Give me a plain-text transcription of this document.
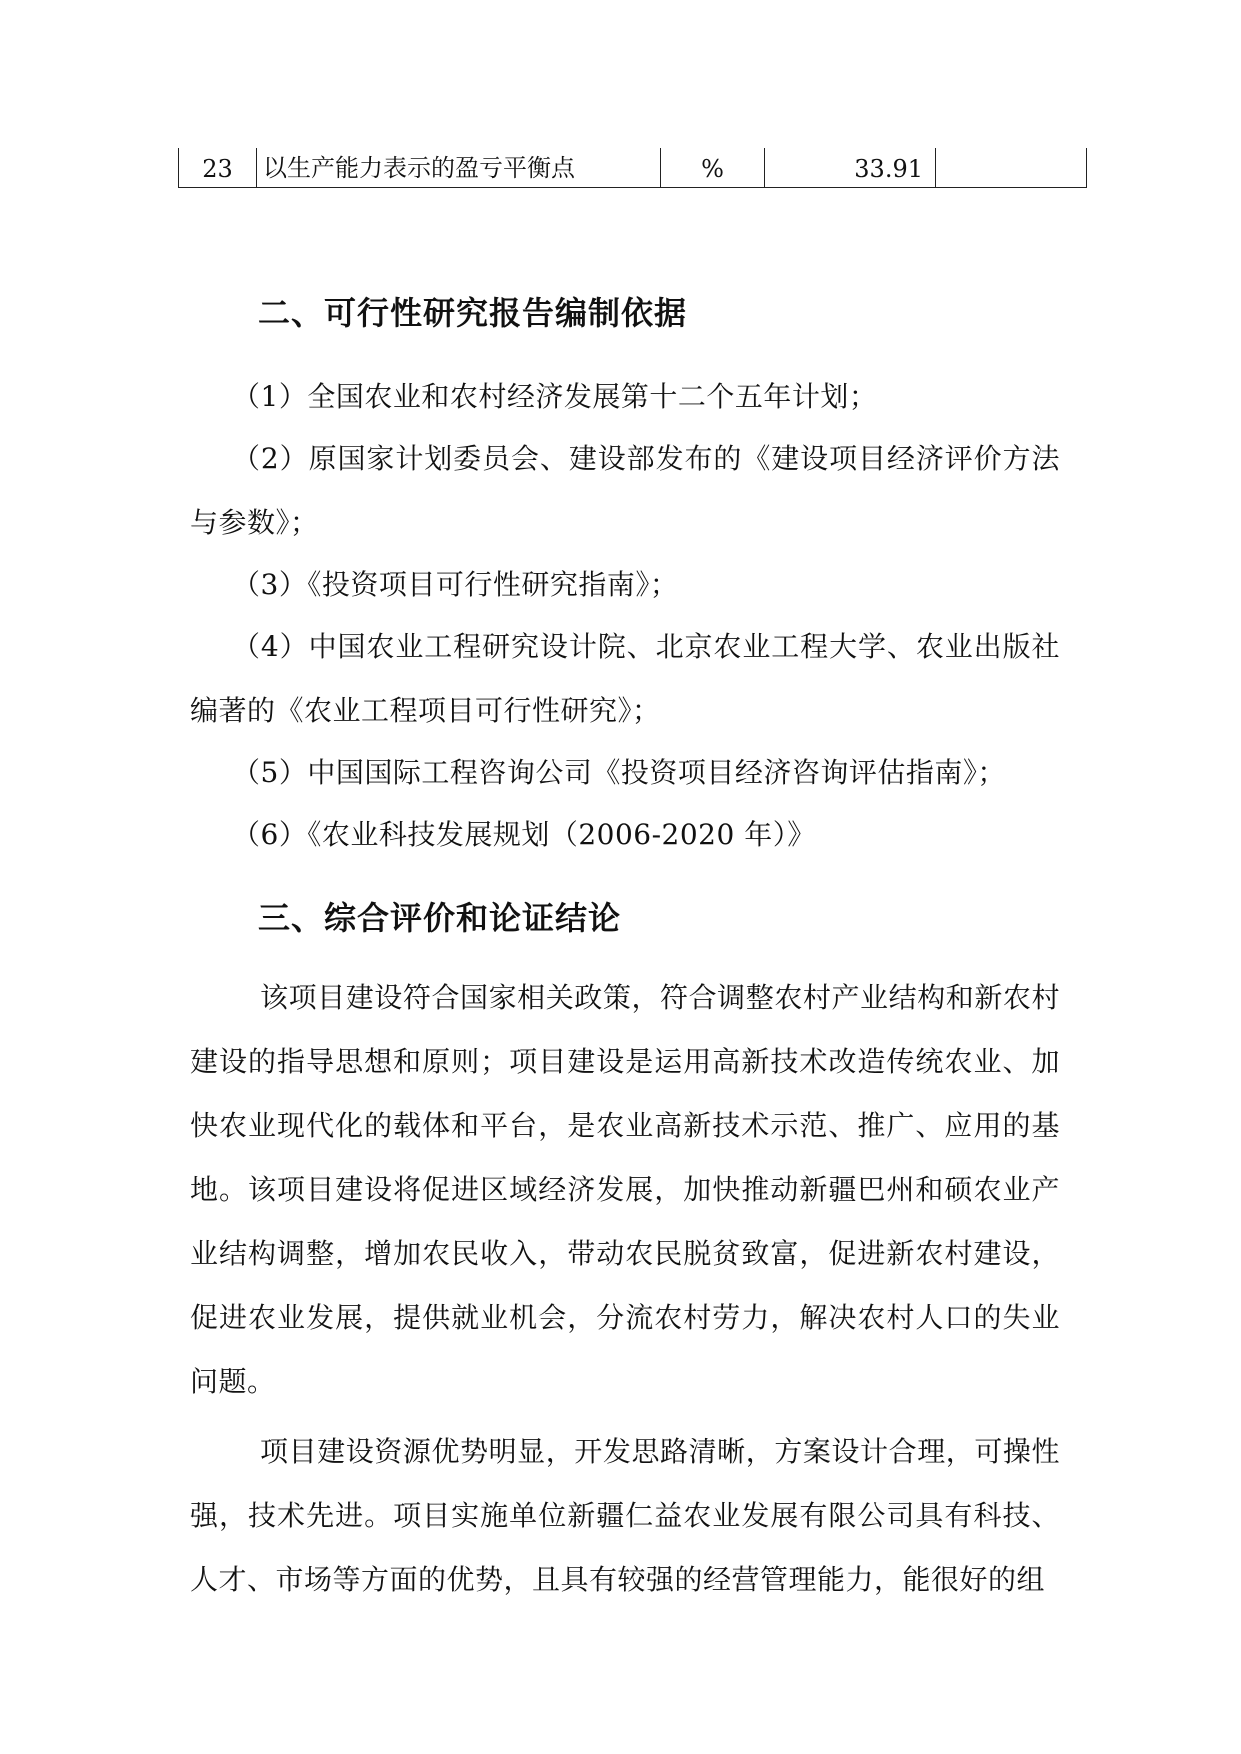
23	以生产能力表示的盈亏平衡点	%	33.91	
二、可行性研究报告编制依据

（1）全国农业和农村经济发展第十二个五年计划；

（2）原国家计划委员会、建设部发布的《建设项目经济评价方法与参数》；

（3）《投资项目可行性研究指南》；

（4）中国农业工程研究设计院、北京农业工程大学、农业出版社编著的《农业工程项目可行性研究》；

（5）中国国际工程咨询公司《投资项目经济咨询评估指南》；

（6）《农业科技发展规划（2006-2020 年）》

三、综合评价和论证结论

该项目建设符合国家相关政策，符合调整农村产业结构和新农村建设的指导思想和原则；项目建设是运用高新技术改造传统农业、加快农业现代化的载体和平台，是农业高新技术示范、推广、应用的基地。该项目建设将促进区域经济发展，加快推动新疆巴州和硕农业产业结构调整，增加农民收入，带动农民脱贫致富，促进新农村建设，促进农业发展，提供就业机会，分流农村劳力，解决农村人口的失业问题。

项目建设资源优势明显，开发思路清晰，方案设计合理，可操性强，技术先进。项目实施单位新疆仁益农业发展有限公司具有科技、人才、市场等方面的优势，且具有较强的经营管理能力，能很好的组
